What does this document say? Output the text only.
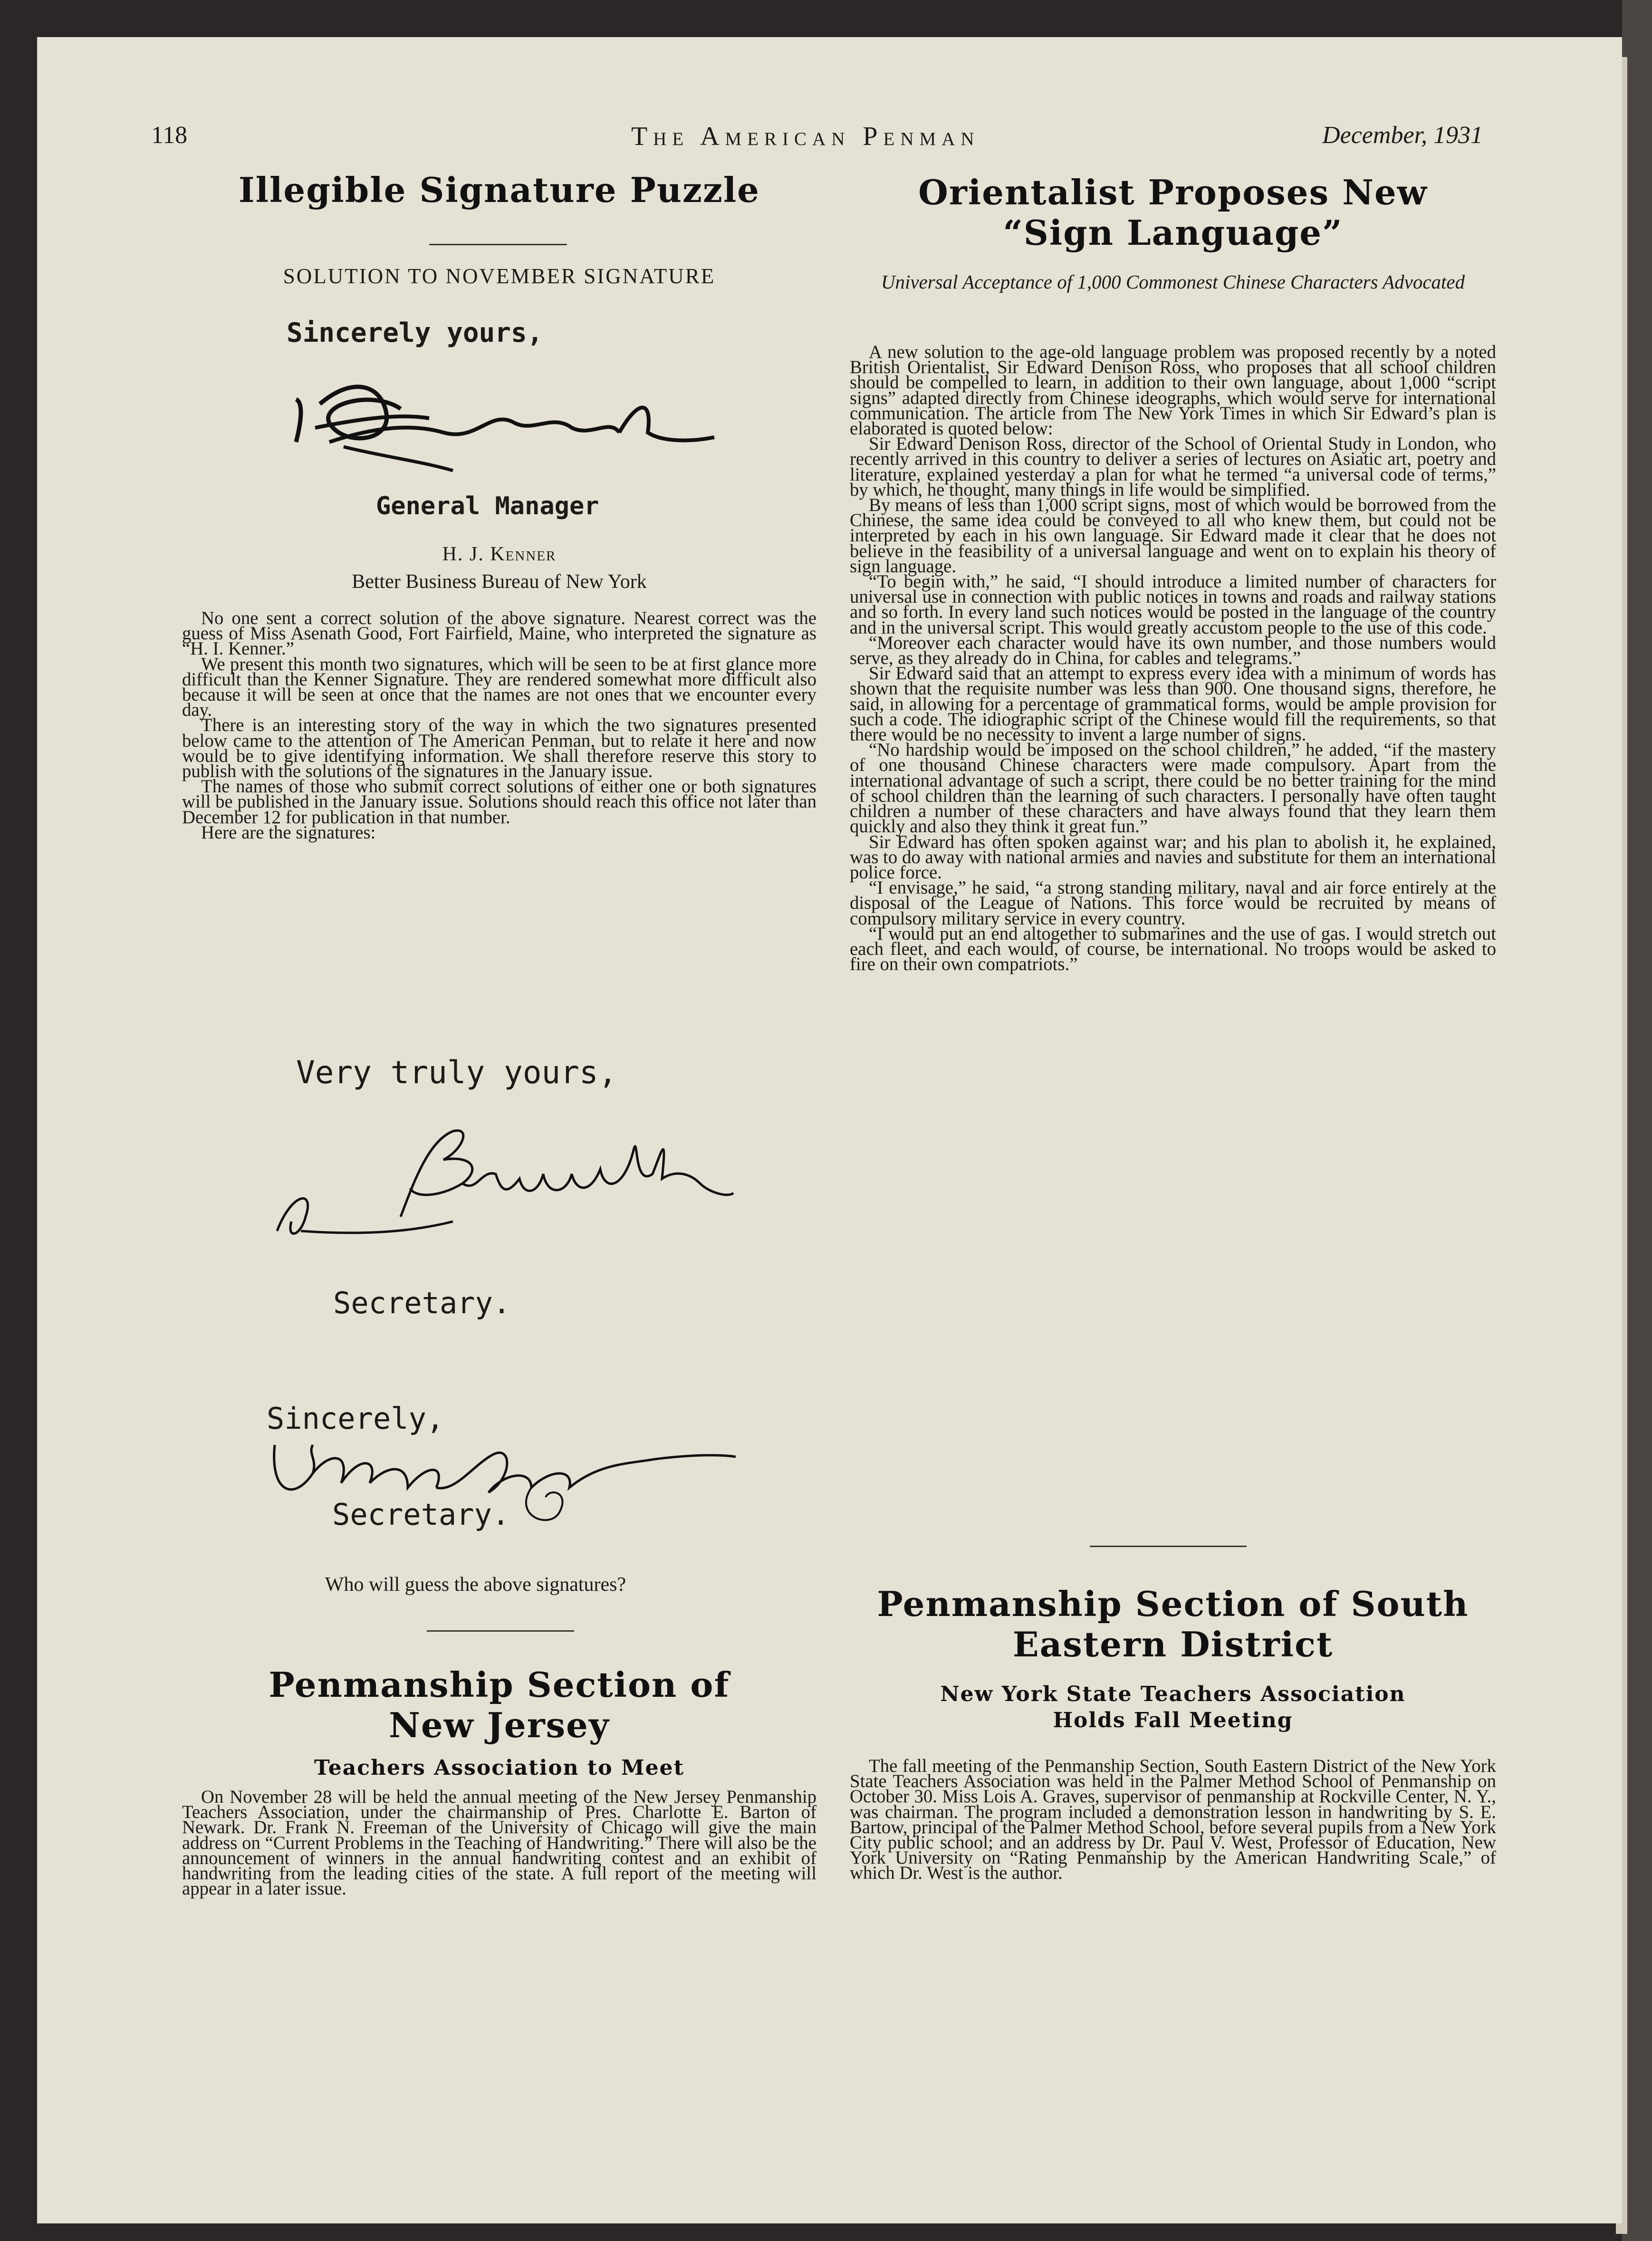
118	The American Penman	December, 1931
Illegible Signature Puzzle
SOLUTION TO NOVEMBER SIGNATURE
Sincerely yours,
General Manager
H. J. Kenner
Better Business Bureau of New York

No one sent a correct solution of the above signature. Nearest correct was the guess of Miss Asenath Good, Fort Fairfield, Maine, who interpreted the signature as “H. I. Kenner.”

We present this month two signatures, which will be seen to be at first glance more difficult than the Kenner Signature. They are rendered somewhat more difficult also because it will be seen at once that the names are not ones that we encounter every day.

There is an interesting story of the way in which the two signatures presented below came to the attention of The American Penman, but to relate it here and now would be to give identifying information. We shall therefore reserve this story to publish with the solutions of the signatures in the January issue.

The names of those who submit correct solutions of either one or both signatures will be published in the January issue. Solutions should reach this office not later than December 12 for publication in that number.

Here are the signatures:

Very truly yours,
Secretary.
Sincerely,
Secretary.
Who will guess the above signatures?
Penmanship Section of
New Jersey
Teachers Association to Meet

On November 28 will be held the annual meeting of the New Jersey Penmanship Teachers Association, under the chairmanship of Pres. Charlotte E. Barton of Newark. Dr. Frank N. Freeman of the University of Chicago will give the main address on “Current Problems in the Teaching of Handwriting.” There will also be the announcement of winners in the annual handwriting contest and an exhibit of handwriting from the leading cities of the state. A full report of the meeting will appear in a later issue.

Orientalist Proposes New
“Sign Language”
Universal Acceptance of 1,000 Commonest Chinese Characters Advocated

A new solution to the age-old language problem was proposed recently by a noted British Orientalist, Sir Edward Denison Ross, who proposes that all school children should be compelled to learn, in addition to their own language, about 1,000 “script signs” adapted directly from Chinese ideographs, which would serve for international communication. The article from The New York Times in which Sir Edward’s plan is elaborated is quoted below:

Sir Edward Denison Ross, director of the School of Oriental Study in London, who recently arrived in this country to deliver a series of lectures on Asiatic art, poetry and literature, explained yesterday a plan for what he termed “a universal code of terms,” by which, he thought, many things in life would be simplified.

By means of less than 1,000 script signs, most of which would be borrowed from the Chinese, the same idea could be conveyed to all who knew them, but could not be interpreted by each in his own language. Sir Edward made it clear that he does not believe in the feasibility of a universal language and went on to explain his theory of sign language.

“To begin with,” he said, “I should introduce a limited number of characters for universal use in connection with public notices in towns and roads and railway stations and so forth. In every land such notices would be posted in the language of the country and in the universal script. This would greatly accustom people to the use of this code.

“Moreover each character would have its own number, and those numbers would serve, as they already do in China, for cables and telegrams.”

Sir Edward said that an attempt to express every idea with a minimum of words has shown that the requisite number was less than 900. One thousand signs, therefore, he said, in allowing for a percentage of grammatical forms, would be ample provision for such a code. The idiographic script of the Chinese would fill the requirements, so that there would be no necessity to invent a large number of signs.

“No hardship would be imposed on the school children,” he added, “if the mastery of one thousand Chinese characters were made compulsory. Apart from the international advantage of such a script, there could be no better training for the mind of school children than the learning of such characters. I personally have often taught children a number of these characters and have always found that they learn them quickly and also they think it great fun.”

Sir Edward has often spoken against war; and his plan to abolish it, he explained, was to do away with national armies and navies and substitute for them an international police force.

“I envisage,” he said, “a strong standing military, naval and air force entirely at the disposal of the League of Nations. This force would be recruited by means of compulsory military service in every country.

“I would put an end altogether to submarines and the use of gas. I would stretch out each fleet, and each would, of course, be international. No troops would be asked to fire on their own compatriots.”

Penmanship Section of South
Eastern District
New York State Teachers Association
Holds Fall Meeting

The fall meeting of the Penmanship Section, South Eastern District of the New York State Teachers Association was held in the Palmer Method School of Penmanship on October 30. Miss Lois A. Graves, supervisor of penmanship at Rockville Center, N. Y., was chairman. The program included a demonstration lesson in handwriting by S. E. Bartow, principal of the Palmer Method School, before several pupils from a New York City public school; and an address by Dr. Paul V. West, Professor of Education, New York University on “Rating Penmanship by the American Handwriting Scale,” of which Dr. West is the author.
